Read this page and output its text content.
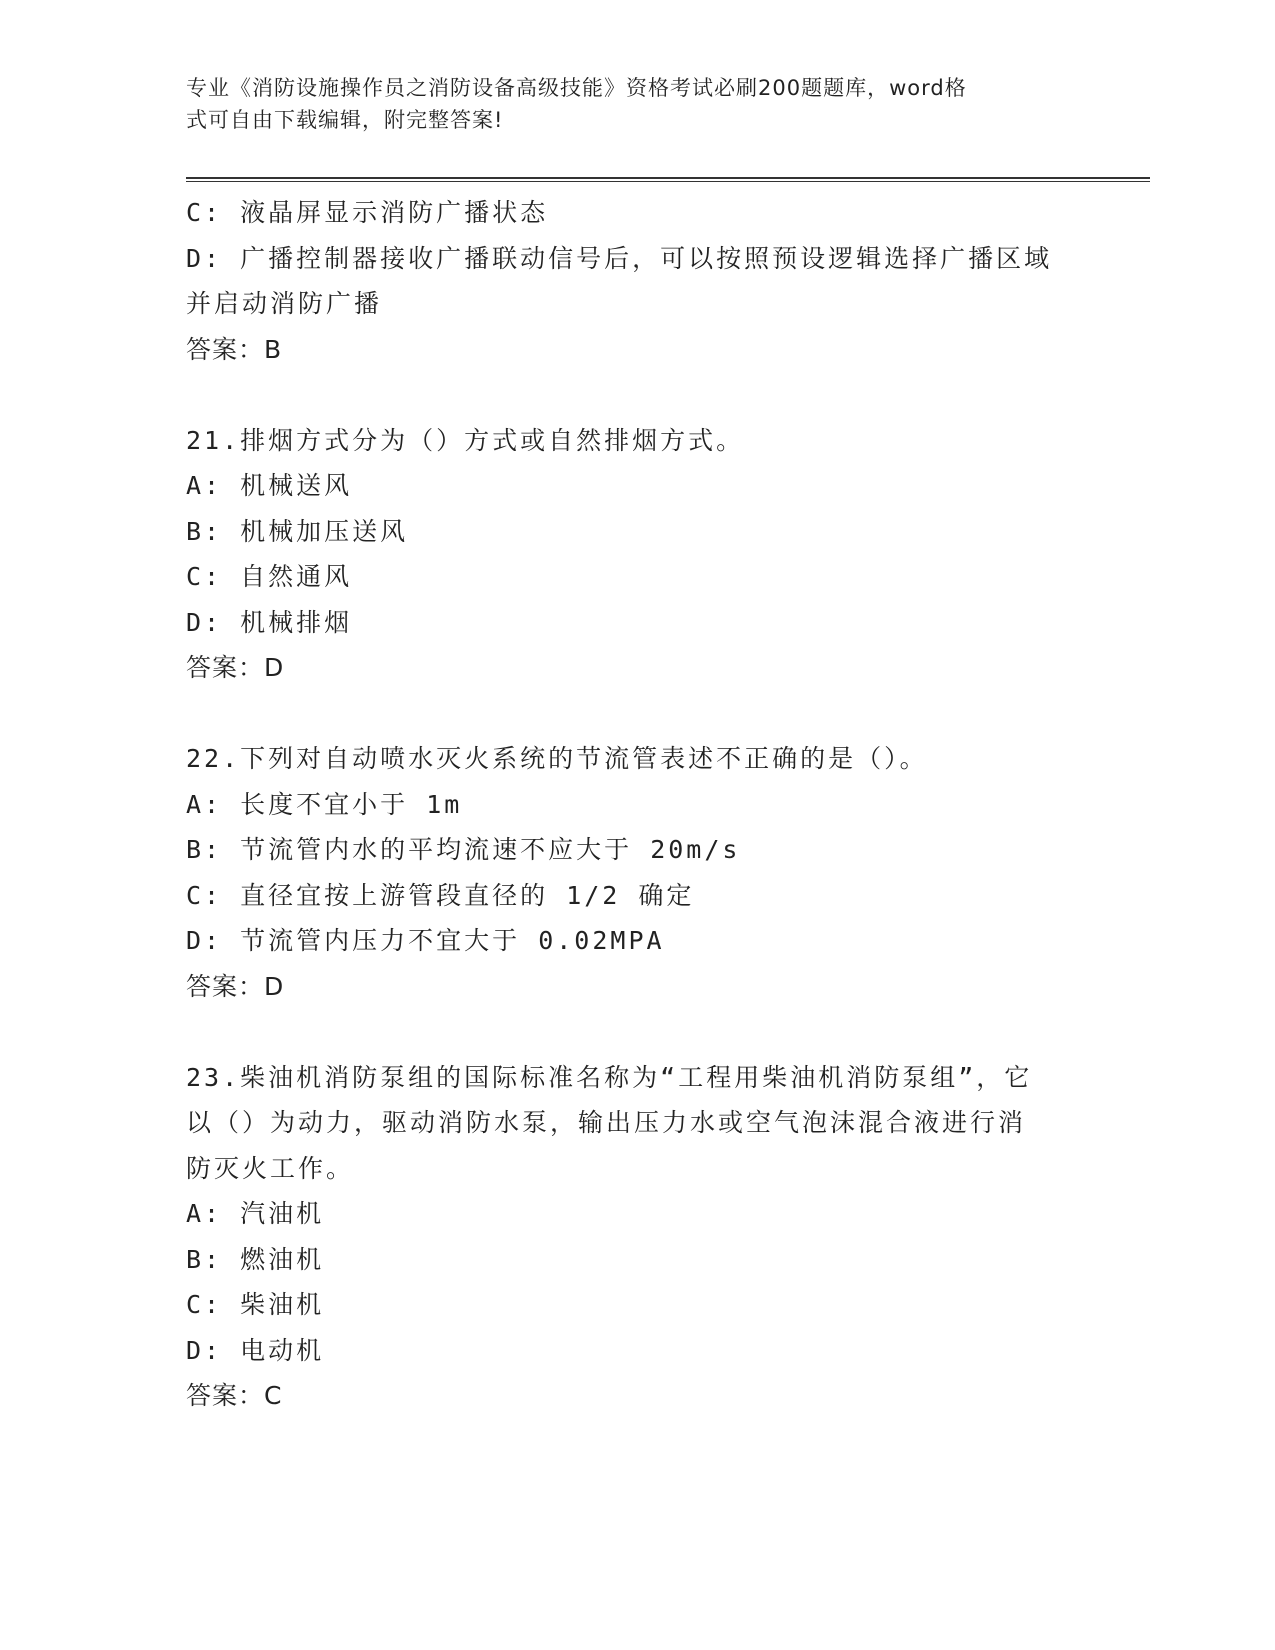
专业《消防设施操作员之消防设备高级技能》资格考试必刷200题题库，word格
式可自由下载编辑，附完整答案!
C: 液晶屏显示消防广播状态
D: 广播控制器接收广播联动信号后，可以按照预设逻辑选择广播区域
并启动消防广播
答案：B
21.排烟方式分为（）方式或自然排烟方式。
A: 机械送风
B: 机械加压送风
C: 自然通风
D: 机械排烟
答案：D
22.下列对自动喷水灭火系统的节流管表述不正确的是（）。
A: 长度不宜小于 1m
B: 节流管内水的平均流速不应大于 20m/s
C: 直径宜按上游管段直径的 1/2 确定
D: 节流管内压力不宜大于 0.02MPA
答案：D
23.柴油机消防泵组的国际标准名称为“工程用柴油机消防泵组”，它
以（）为动力，驱动消防水泵，输出压力水或空气泡沫混合液进行消
防灭火工作。
A: 汽油机
B: 燃油机
C: 柴油机
D: 电动机
答案：C
